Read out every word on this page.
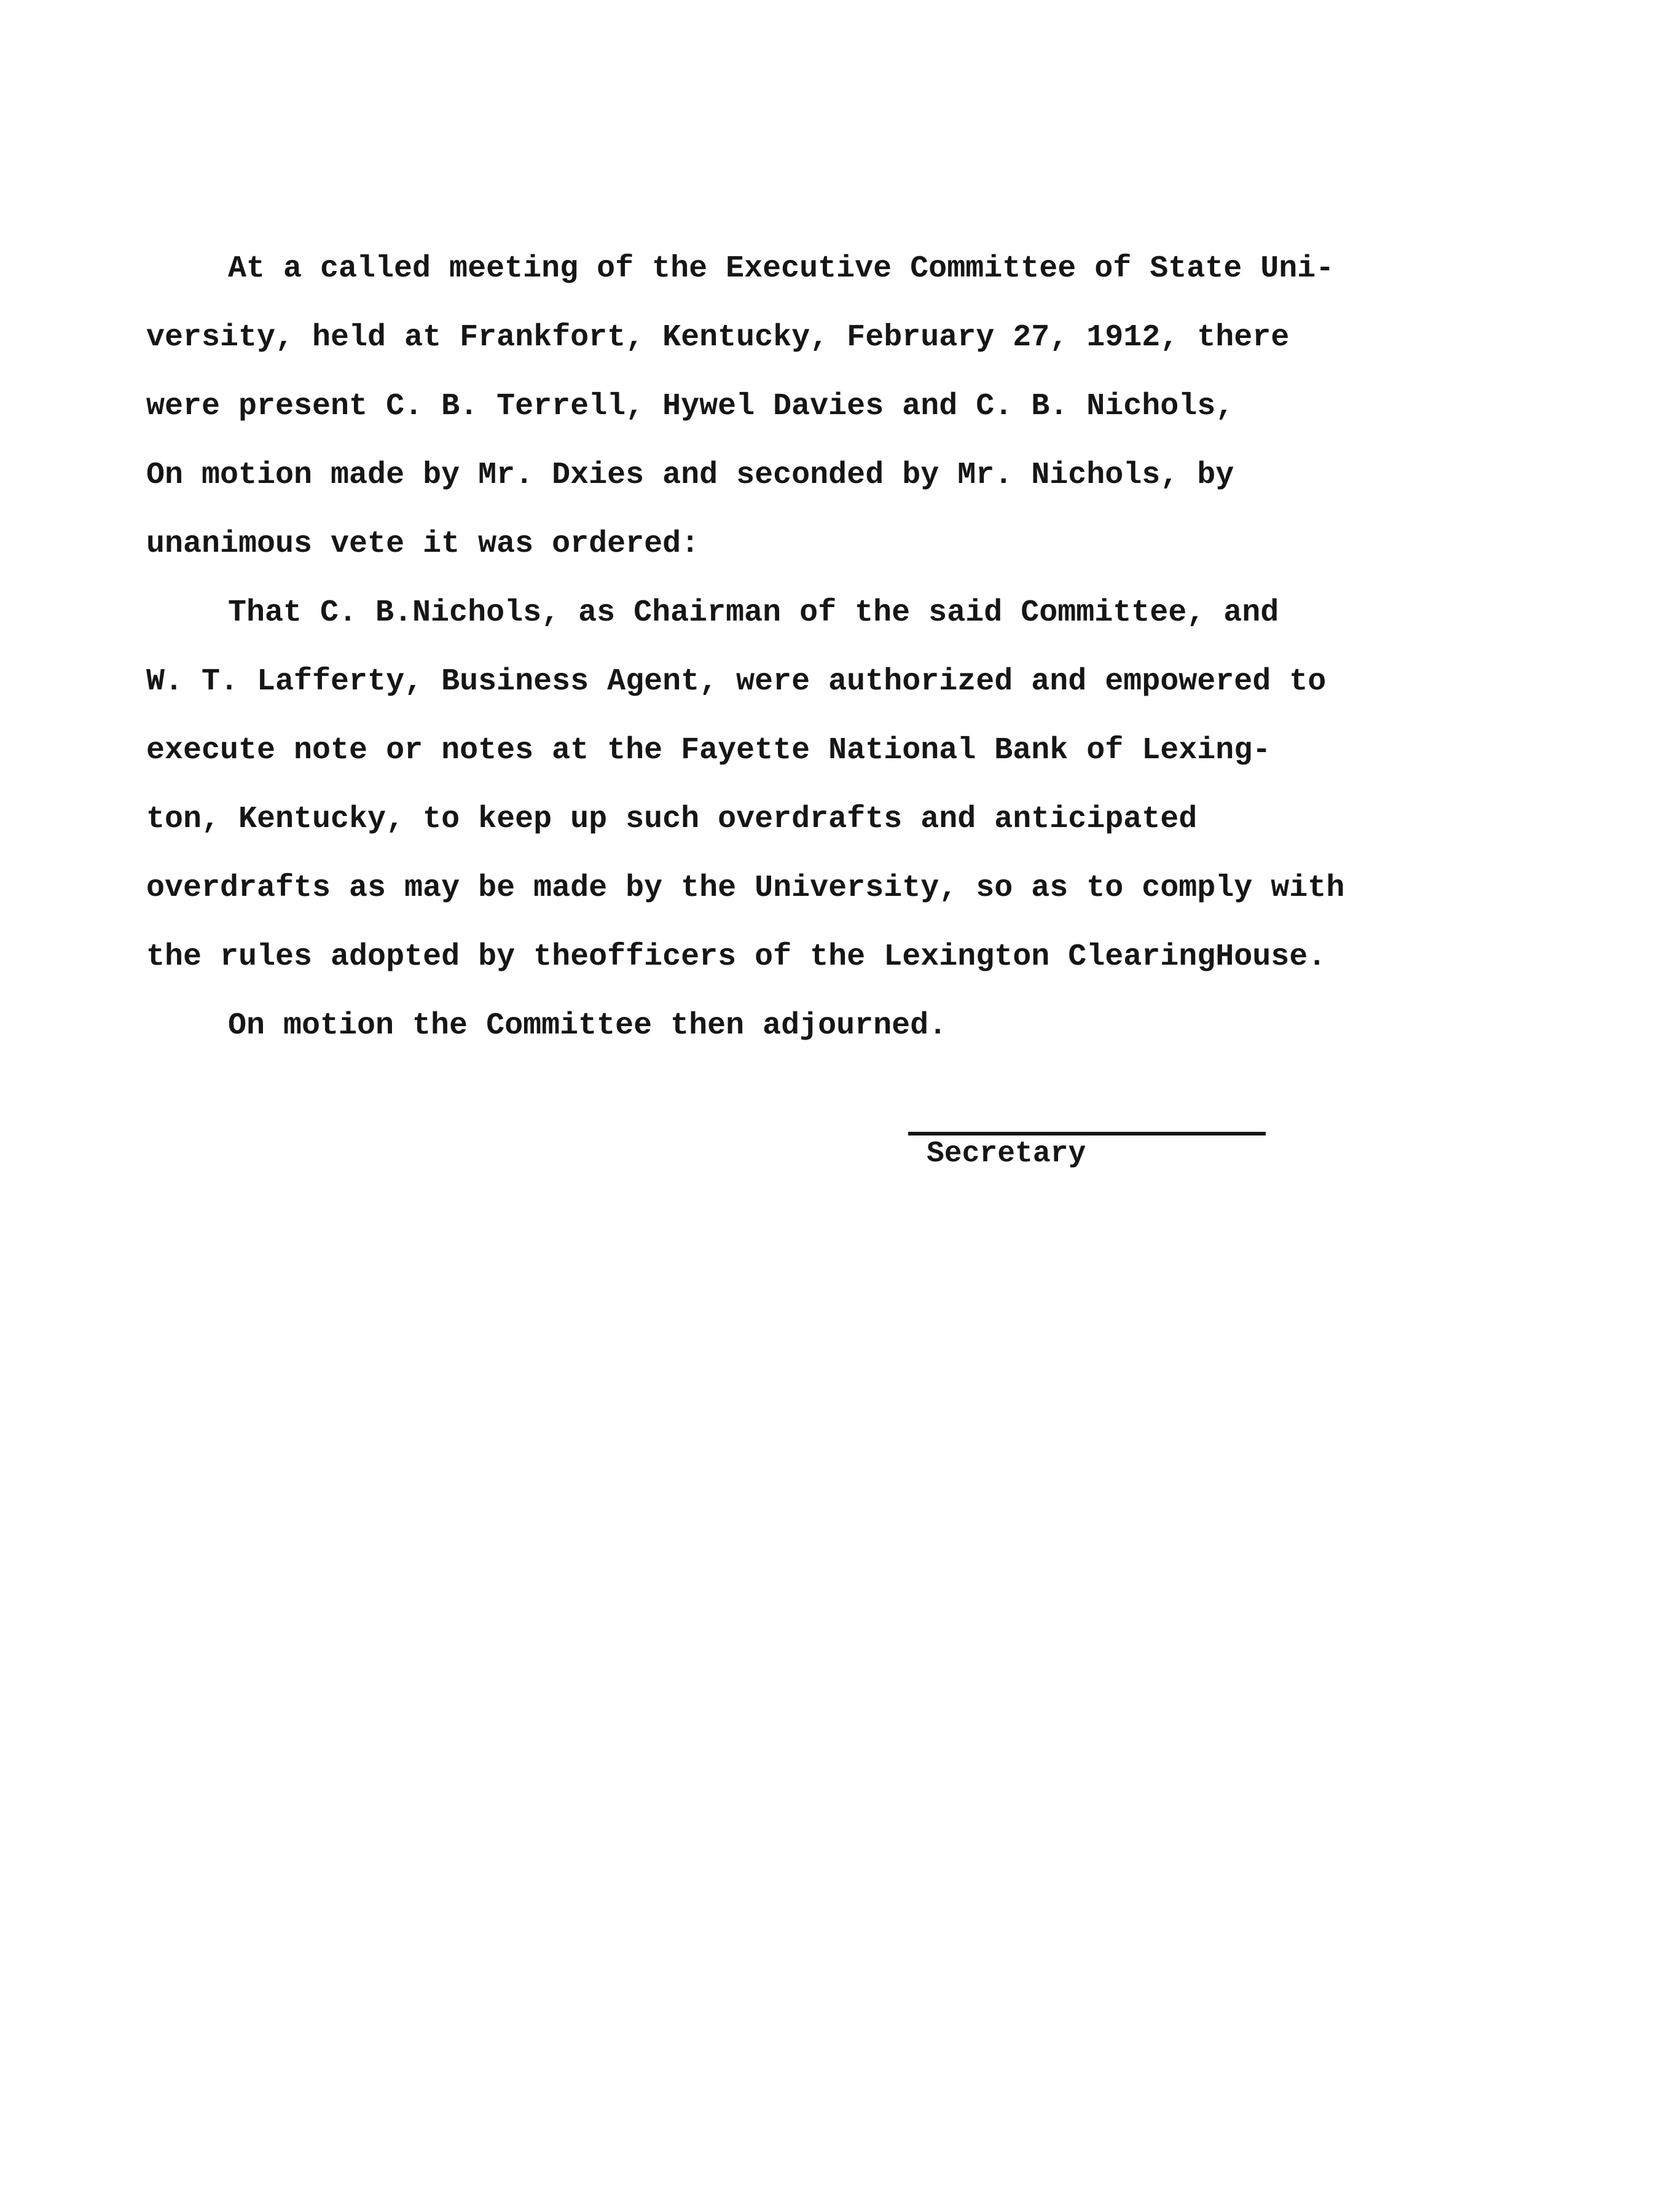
At a called meeting of the Executive Committee of State Uni-
versity, held at Frankfort, Kentucky, February 27, 1912, there
were present C. B. Terrell, Hywel Davies and C. B. Nichols,
On motion made by Mr. Dxies and seconded by Mr. Nichols, by
unanimous vete it was ordered:
That C. B.Nichols, as Chairman of the said Committee, and
W. T. Lafferty, Business Agent, were authorized and empowered to
execute note or notes at the Fayette National Bank of Lexing-
ton, Kentucky, to keep up such overdrafts and anticipated
overdrafts as may be made by the University, so as to comply with
the rules adopted by theofficers of the Lexington ClearingHouse.
On motion the Committee then adjourned.
Secretary
